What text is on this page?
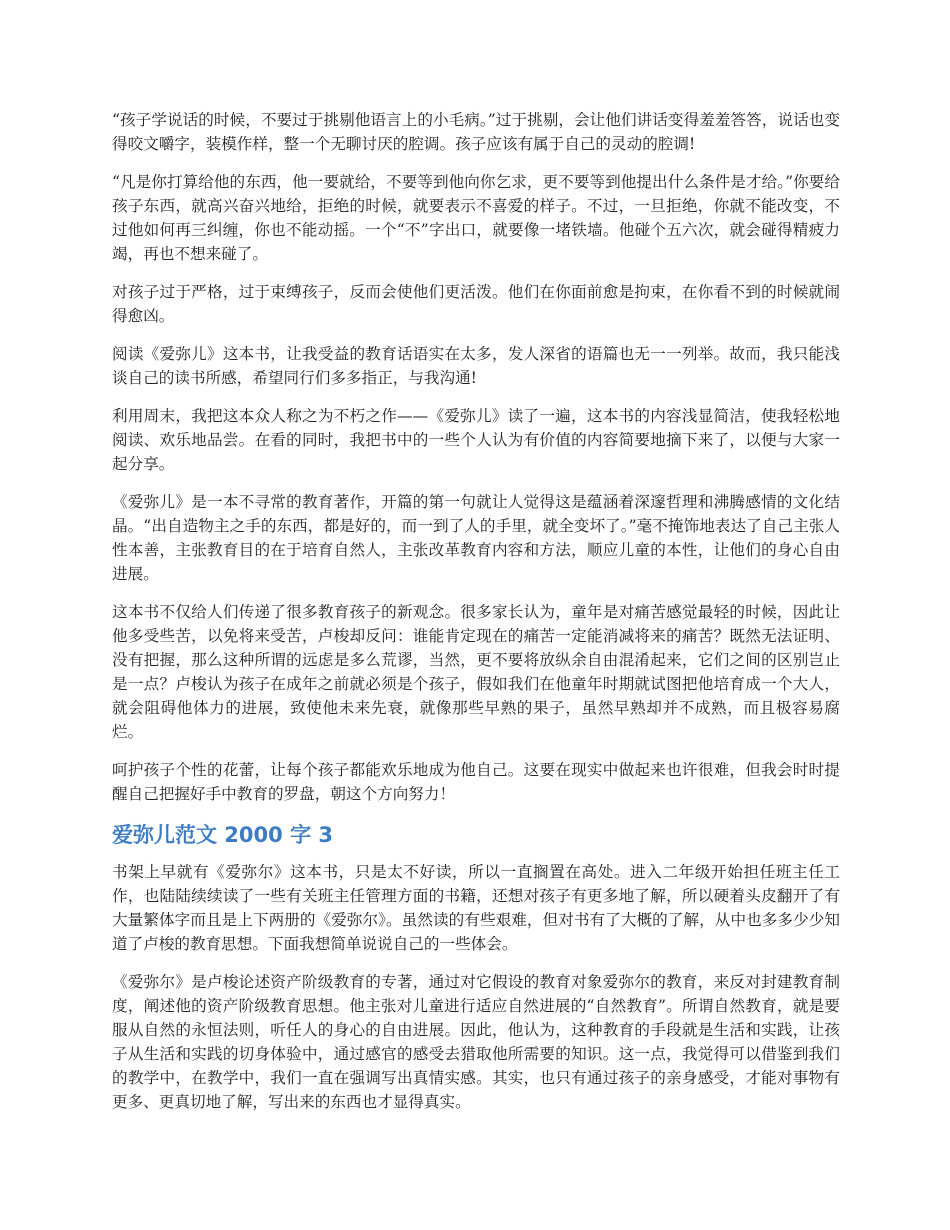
“孩子学说话的时候，不要过于挑剔他语言上的小毛病。”过于挑剔，会让他们讲话变得羞羞答答，说话也变得咬文嚼字，装模作样，整一个无聊讨厌的腔调。孩子应该有属于自己的灵动的腔调!

“凡是你打算给他的东西，他一要就给，不要等到他向你乞求，更不要等到他提出什么条件是才给。”你要给孩子东西，就高兴奋兴地给，拒绝的时候，就要表示不喜爱的样子。不过，一旦拒绝，你就不能改变，不过他如何再三纠缠，你也不能动摇。一个“不”字出口，就要像一堵铁墙。他碰个五六次，就会碰得精疲力竭，再也不想来碰了。

对孩子过于严格，过于束缚孩子，反而会使他们更活泼。他们在你面前愈是拘束，在你看不到的时候就闹得愈凶。

阅读《爱弥儿》这本书，让我受益的教育话语实在太多，发人深省的语篇也无一一列举。故而，我只能浅谈自己的读书所感，希望同行们多多指正，与我沟通!

利用周末，我把这本众人称之为不朽之作——《爱弥儿》读了一遍，这本书的内容浅显简洁，使我轻松地阅读、欢乐地品尝。在看的同时，我把书中的一些个人认为有价值的内容简要地摘下来了，以便与大家一起分享。

《爱弥儿》是一本不寻常的教育著作，开篇的第一句就让人觉得这是蕴涵着深邃哲理和沸腾感情的文化结晶。“出自造物主之手的东西，都是好的，而一到了人的手里，就全变坏了。”毫不掩饰地表达了自己主张人性本善，主张教育目的在于培育自然人，主张改革教育内容和方法，顺应儿童的本性，让他们的身心自由进展。

这本书不仅给人们传递了很多教育孩子的新观念。很多家长认为，童年是对痛苦感觉最轻的时候，因此让他多受些苦，以免将来受苦，卢梭却反问：谁能肯定现在的痛苦一定能消减将来的痛苦？既然无法证明、没有把握，那么这种所谓的远虑是多么荒谬，当然，更不要将放纵余自由混淆起来，它们之间的区别岂止是一点？卢梭认为孩子在成年之前就必须是个孩子，假如我们在他童年时期就试图把他培育成一个大人，就会阻碍他体力的进展，致使他未来先衰，就像那些早熟的果子，虽然早熟却并不成熟，而且极容易腐烂。

呵护孩子个性的花蕾，让每个孩子都能欢乐地成为他自己。这要在现实中做起来也许很难，但我会时时提醒自己把握好手中教育的罗盘，朝这个方向努力！

爱弥儿范文 2000 字 3

书架上早就有《爱弥尔》这本书，只是太不好读，所以一直搁置在高处。进入二年级开始担任班主任工作，也陆陆续续读了一些有关班主任管理方面的书籍，还想对孩子有更多地了解，所以硬着头皮翻开了有大量繁体字而且是上下两册的《爱弥尔》。虽然读的有些艰难，但对书有了大概的了解，从中也多多少少知道了卢梭的教育思想。下面我想简单说说自己的一些体会。

《爱弥尔》是卢梭论述资产阶级教育的专著，通过对它假设的教育对象爱弥尔的教育，来反对封建教育制度，阐述他的资产阶级教育思想。他主张对儿童进行适应自然进展的“自然教育”。所谓自然教育，就是要服从自然的永恒法则，听任人的身心的自由进展。因此，他认为，这种教育的手段就是生活和实践，让孩子从生活和实践的切身体验中，通过感官的感受去猎取他所需要的知识。这一点，我觉得可以借鉴到我们的教学中，在教学中，我们一直在强调写出真情实感。其实，也只有通过孩子的亲身感受，才能对事物有更多、更真切地了解，写出来的东西也才显得真实。
